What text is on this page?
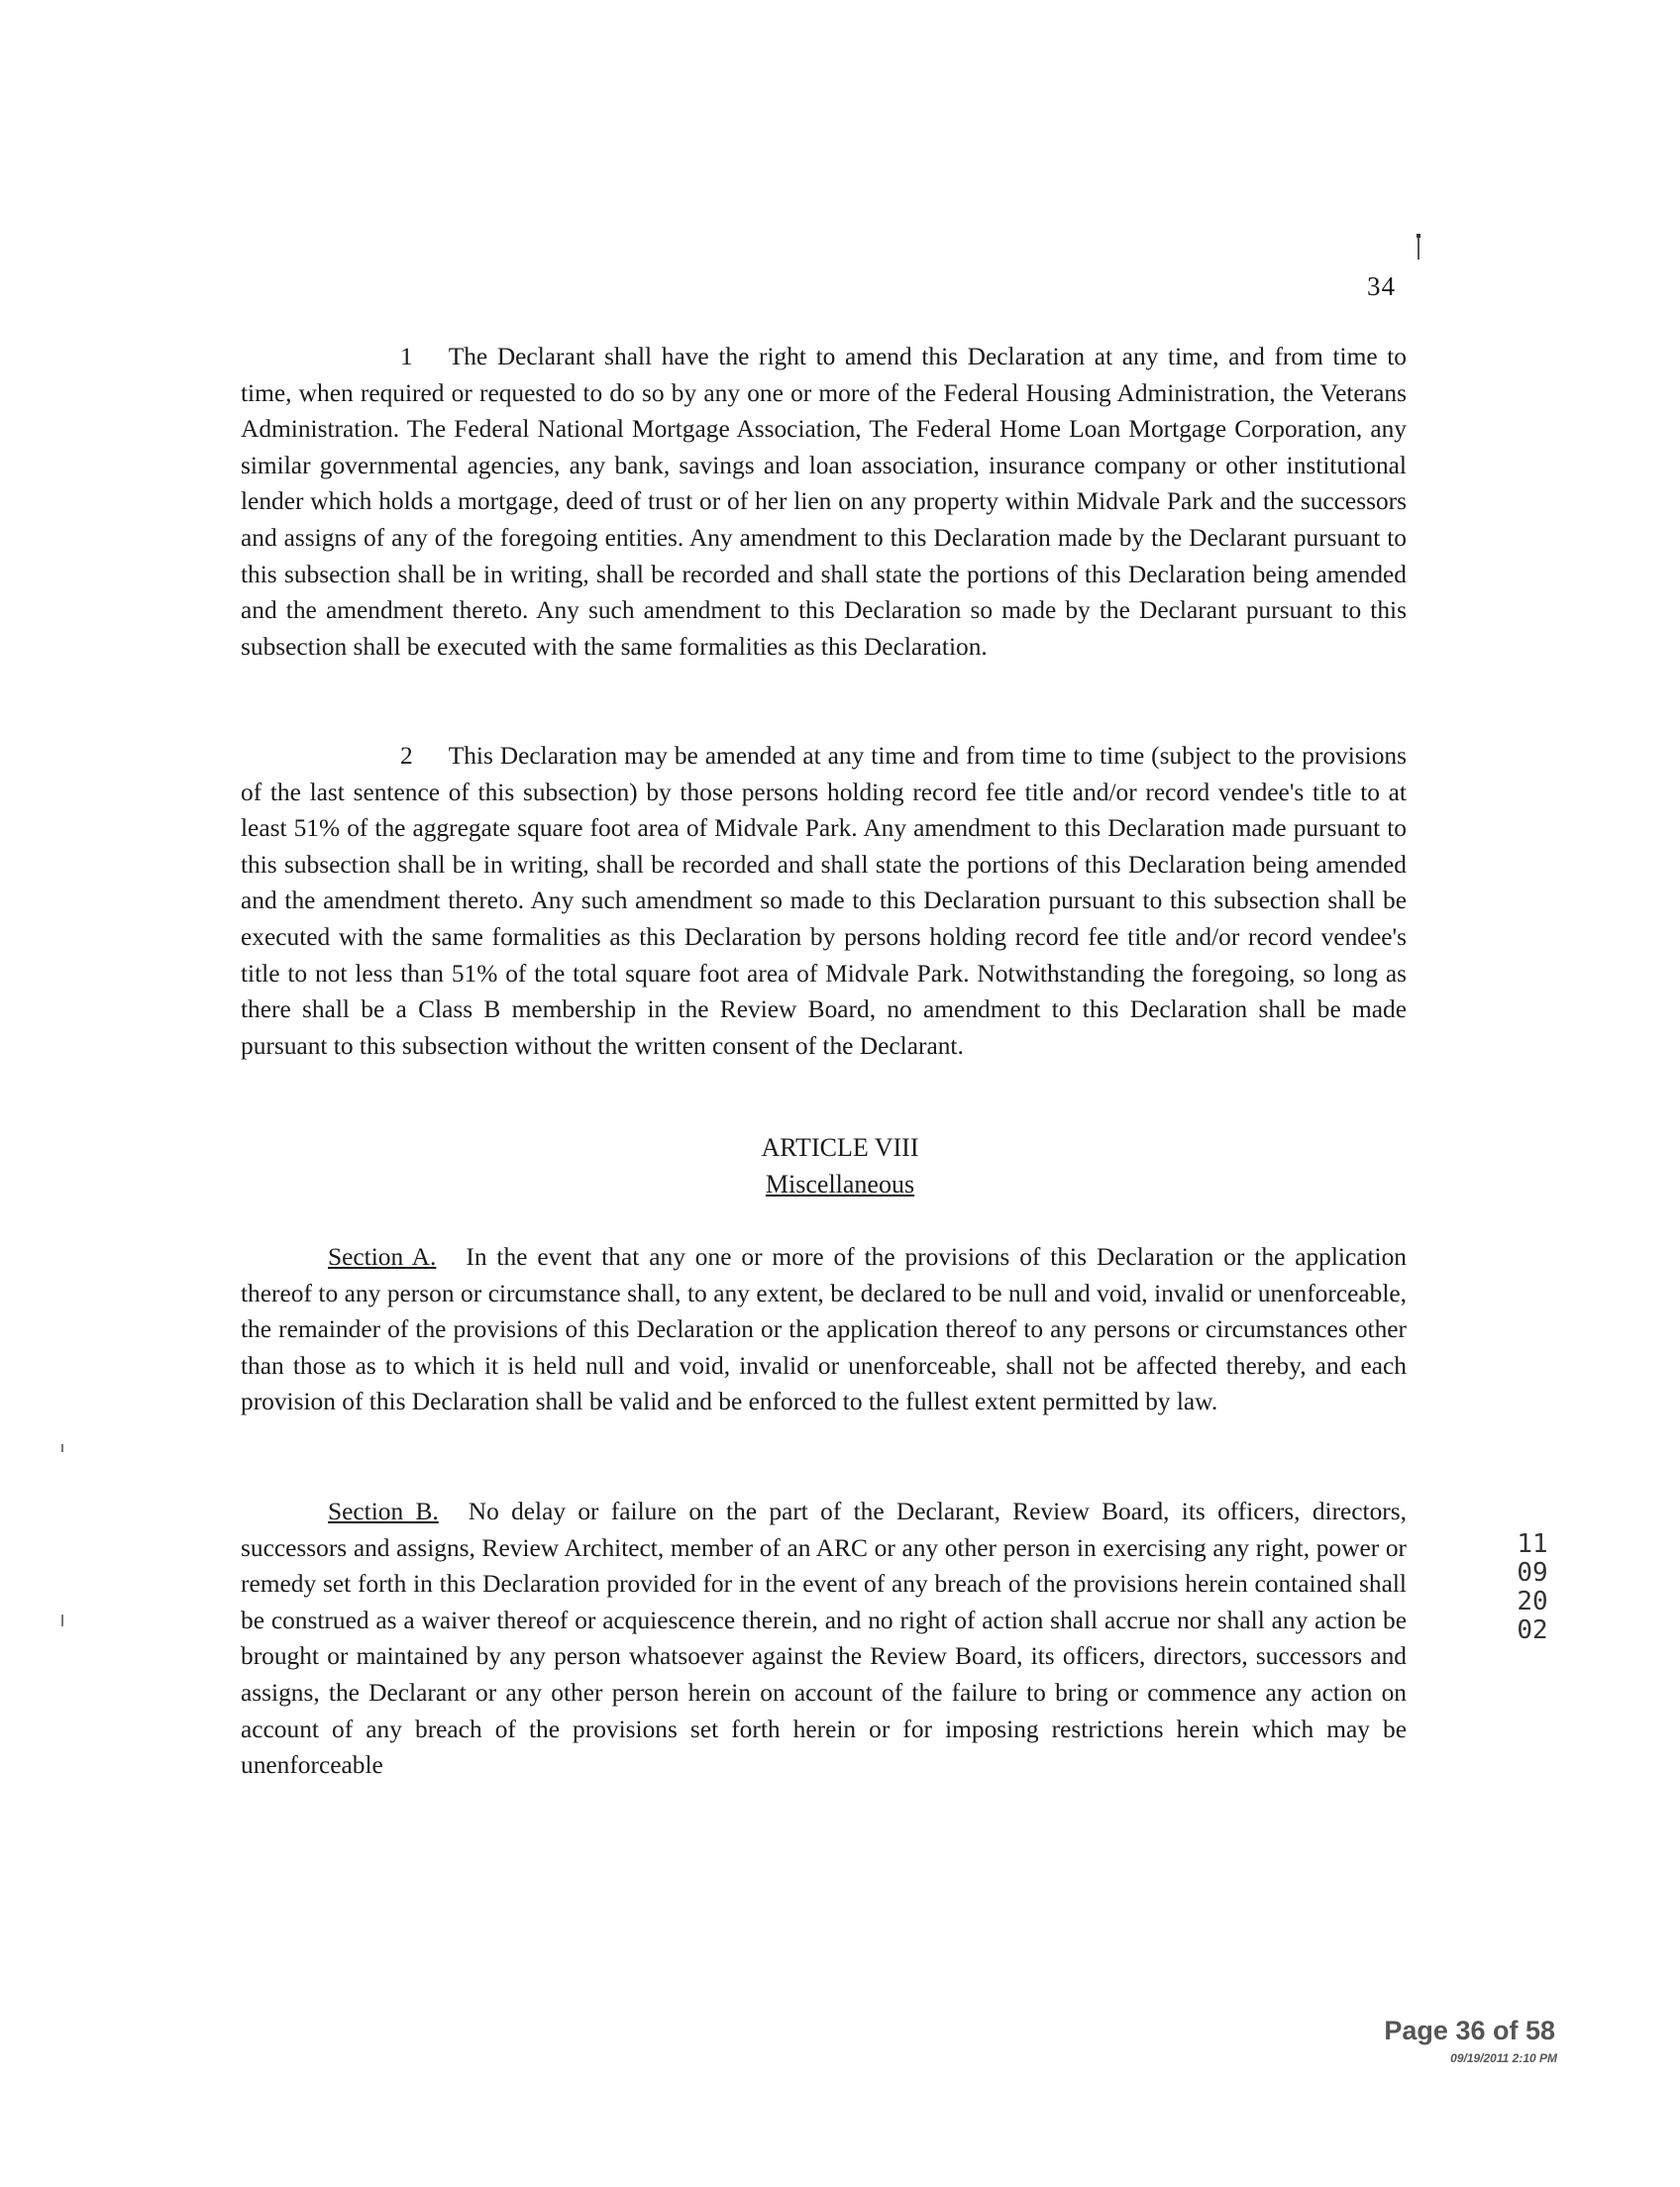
34

1 The Declarant shall have the right to amend this Declaration at any time, and from time to time, when required or requested to do so by any one or more of the Federal Housing Administration, the Veterans Administration. The Federal National Mortgage Association, The Federal Home Loan Mortgage Corporation, any similar governmental agencies, any bank, savings and loan association, insurance company or other institutional lender which holds a mortgage, deed of trust or of her lien on any property within Midvale Park and the successors and assigns of any of the foregoing entities. Any amendment to this Declaration made by the Declarant pursuant to this subsection shall be in writing, shall be recorded and shall state the portions of this Declaration being amended and the amendment thereto. Any such amendment to this Declaration so made by the Declarant pursuant to this subsection shall be executed with the same formalities as this Declaration.

2 This Declaration may be amended at any time and from time to time (subject to the provisions of the last sentence of this subsection) by those persons holding record fee title and/or record vendee's title to at least 51% of the aggregate square foot area of Midvale Park. Any amendment to this Declaration made pursuant to this subsection shall be in writing, shall be recorded and shall state the portions of this Declaration being amended and the amendment thereto. Any such amendment so made to this Declaration pursuant to this subsection shall be executed with the same formalities as this Declaration by persons holding record fee title and/or record vendee's title to not less than 51% of the total square foot area of Midvale Park. Notwithstanding the foregoing, so long as there shall be a Class B membership in the Review Board, no amendment to this Declaration shall be made pursuant to this subsection without the written consent of the Declarant.

ARTICLE VIII
Miscellaneous

Section A. In the event that any one or more of the provisions of this Declaration or the application thereof to any person or circumstance shall, to any extent, be declared to be null and void, invalid or unenforceable, the remainder of the provisions of this Declaration or the application thereof to any persons or circumstances other than those as to which it is held null and void, invalid or unenforceable, shall not be affected thereby, and each provision of this Declaration shall be valid and be enforced to the fullest extent permitted by law.

Section B. No delay or failure on the part of the Declarant, Review Board, its officers, directors, successors and assigns, Review Architect, member of an ARC or any other person in exercising any right, power or remedy set forth in this Declaration provided for in the event of any breach of the provisions herein contained shall be construed as a waiver thereof or acquiescence therein, and no right of action shall accrue nor shall any action be brought or maintained by any person whatsoever against the Review Board, its officers, directors, successors and assigns, the Declarant or any other person herein on account of the failure to bring or commence any action on account of any breach of the provisions set forth herein or for imposing restrictions herein which may be unenforceable

1109 2002
Page 36 of 58
09/19/2011 2:10 PM
